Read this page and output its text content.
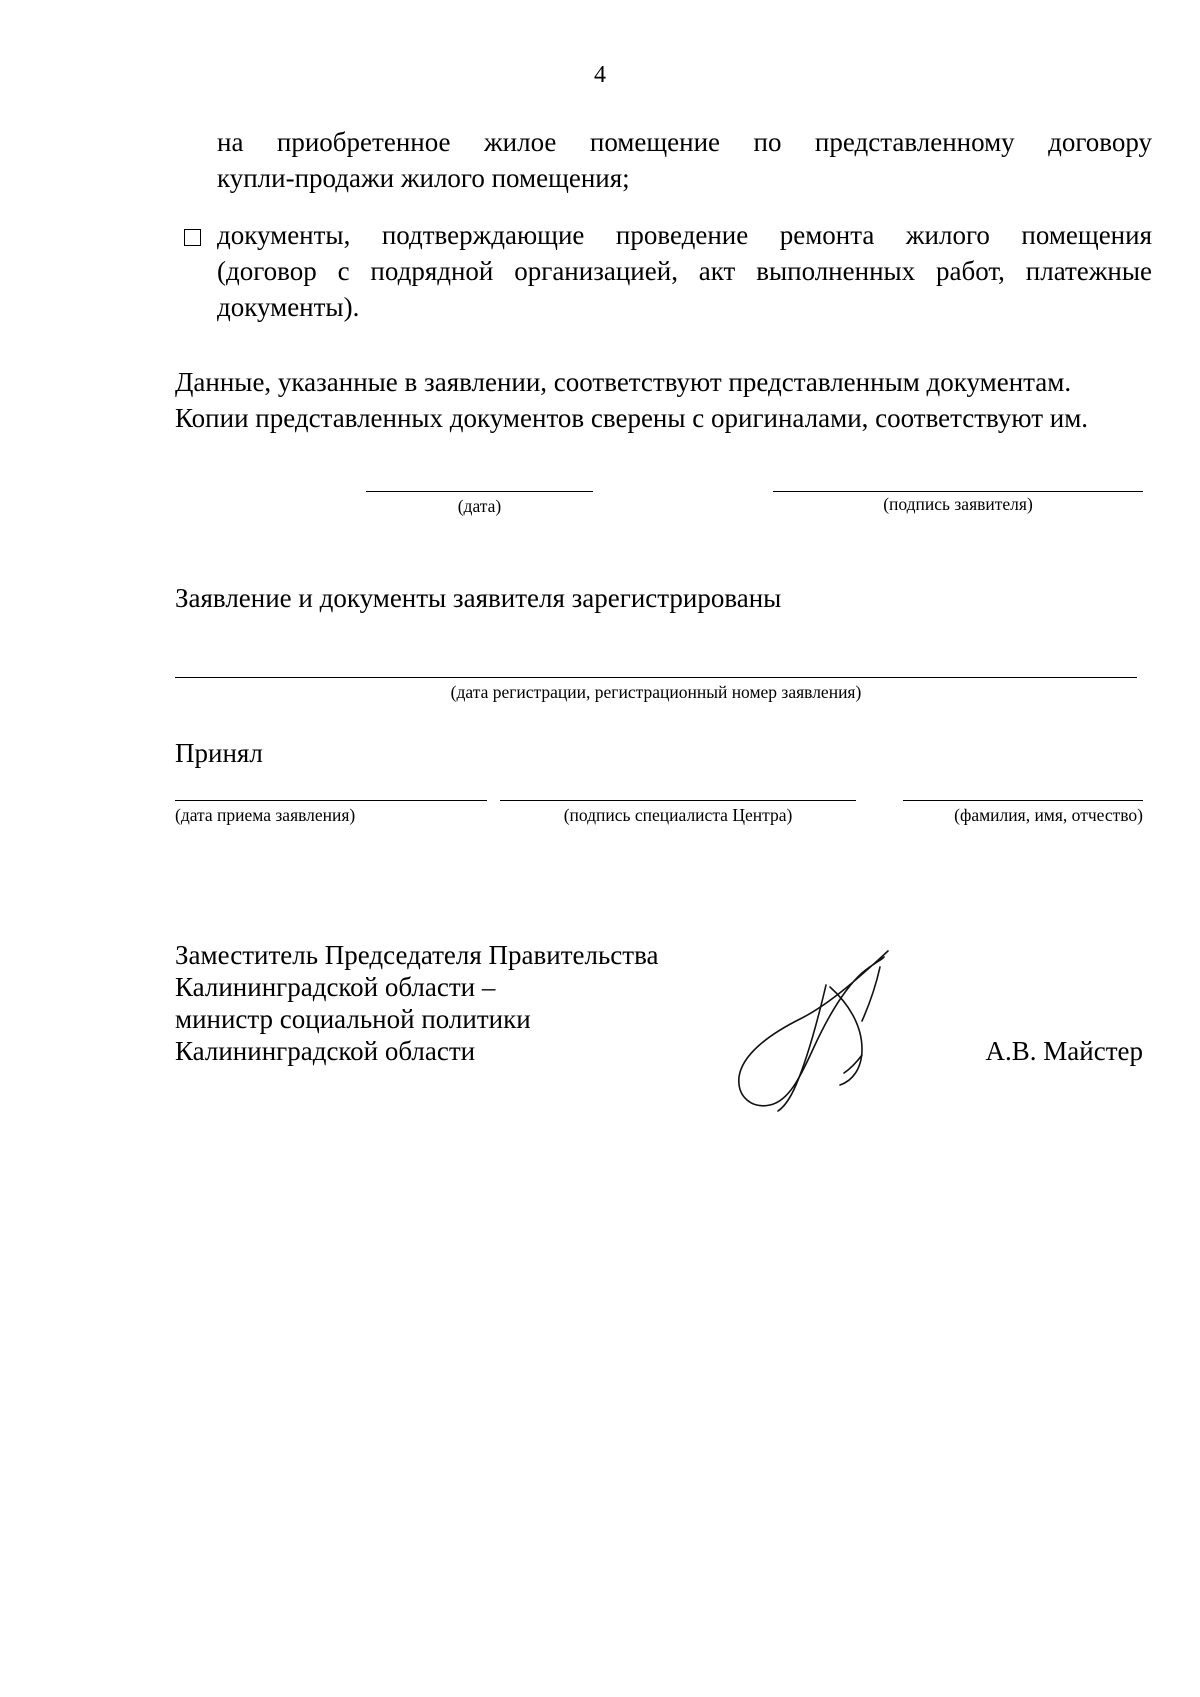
4
на приобретенное жилое помещение по представленному договору
купли-продажи жилого помещения;
документы, подтверждающие проведение ремонта жилого помещения
(договор с подрядной организацией, акт выполненных работ, платежные
документы).
Данные, указанные в заявлении, соответствуют представленным документам.
Копии представленных документов сверены с оригиналами, соответствуют им.
(дата)	(подпись заявителя)
Заявление и документы заявителя зарегистрированы
(дата регистрации, регистрационный номер заявления)
Принял
(дата приема заявления)	(подпись специалиста Центра)	(фамилия, имя, отчество)
Заместитель Председателя Правительства
Калининградской области –
министр социальной политики
Калининградской области	А.В. Майстер
